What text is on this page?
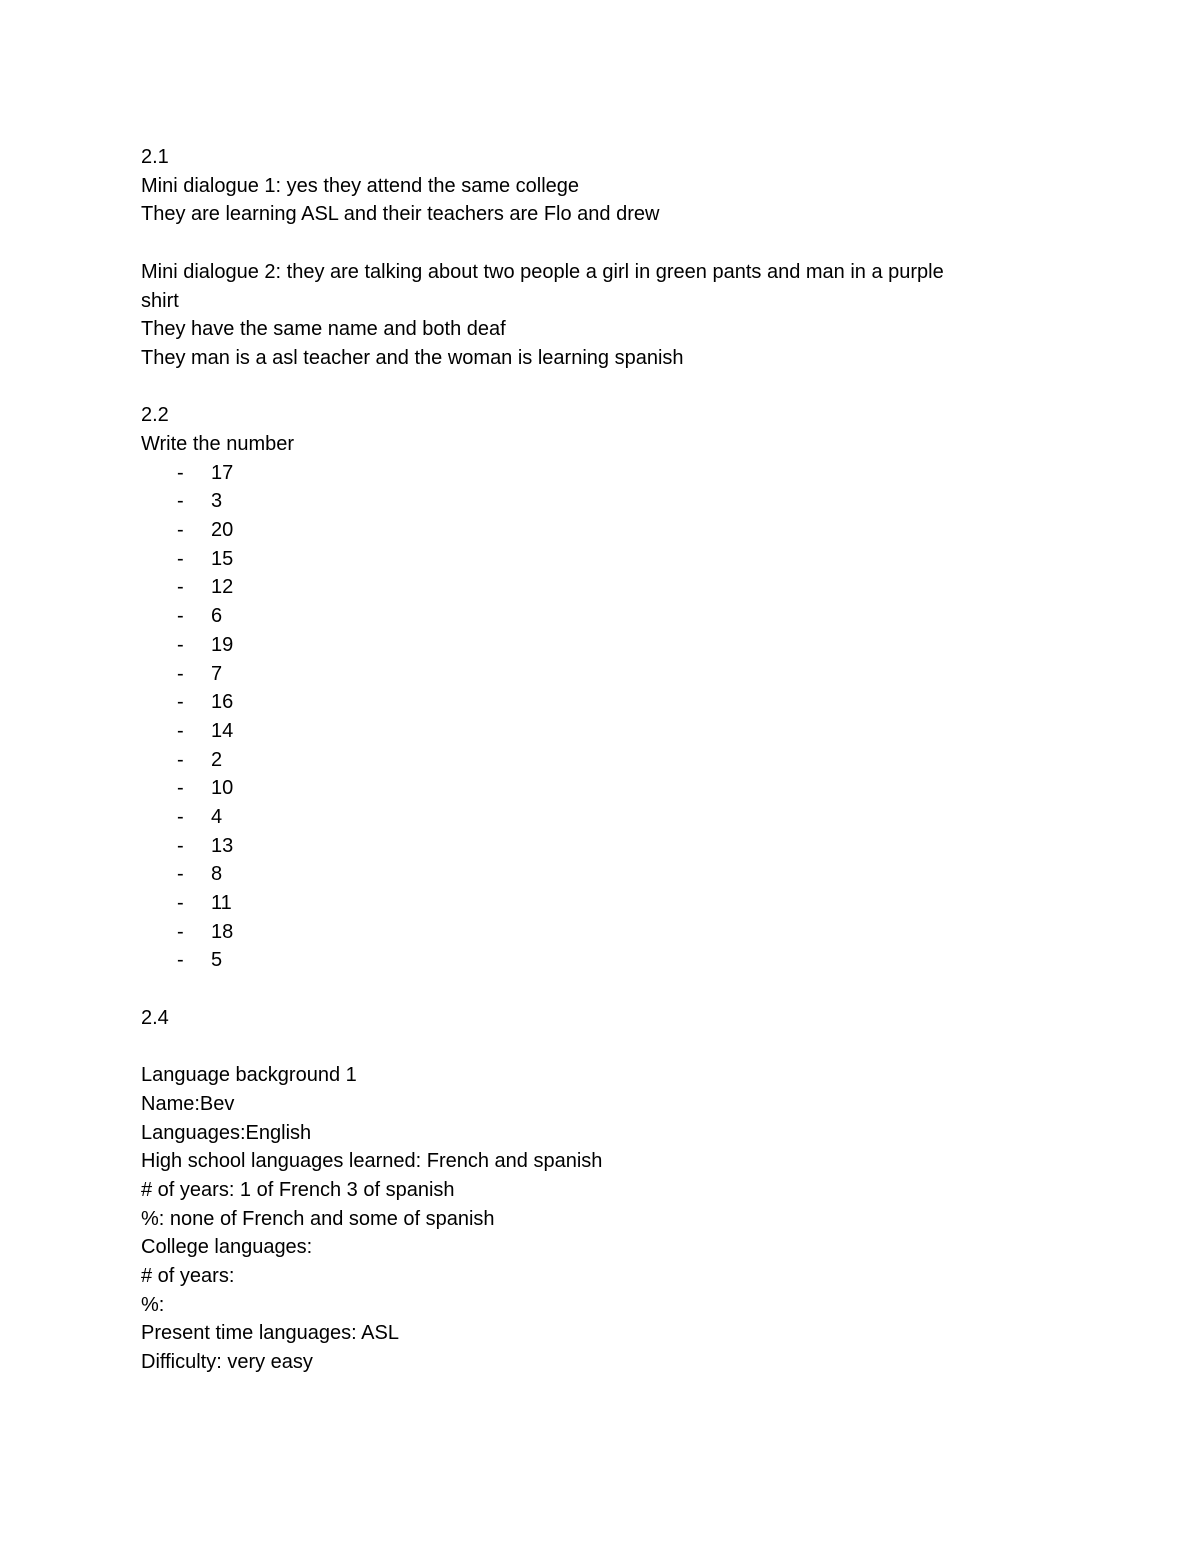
2.1
Mini dialogue 1: yes they attend the same college
They are learning ASL and their teachers are Flo and drew
Mini dialogue 2: they are talking about two people a girl in green pants and man in a purple
shirt
They have the same name and both deaf
They man is a asl teacher and the woman is learning spanish
2.2
Write the number
- 17
- 3
- 20
- 15
- 12
- 6
- 19
- 7
- 16
- 14
- 2
- 10
- 4
- 13
- 8
- 11
- 18
- 5
2.4
Language background 1
Name:Bev
Languages:English
High school languages learned: French and spanish
# of years: 1 of French 3 of spanish
%: none of French and some of spanish
College languages:
# of years:
%:
Present time languages: ASL
Difficulty: very easy
